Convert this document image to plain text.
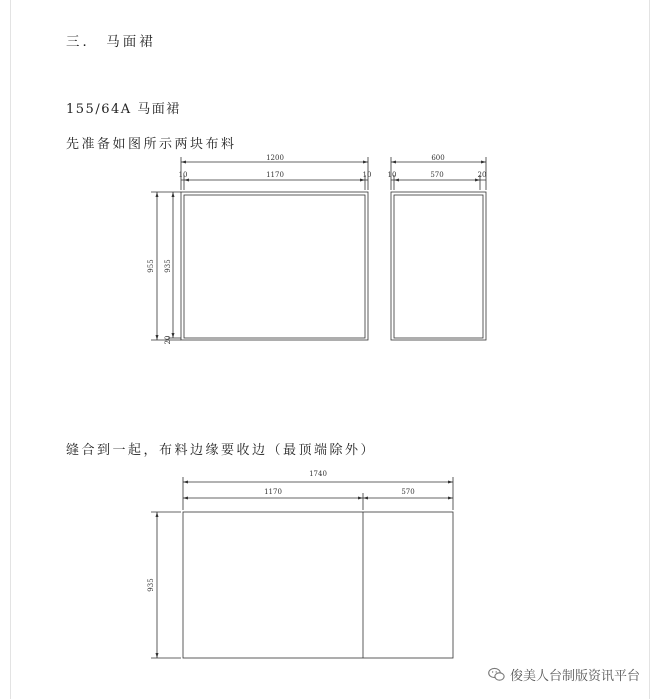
三． 马面裙
155/64A 马面裙
先准备如图所示两块布料
1200
10	1170	10
600
10	570	20
1740
1170	570
955 935
20
935
缝合到一起，布料边缘要收边（最顶端除外）
俊美人台制版资讯平台
